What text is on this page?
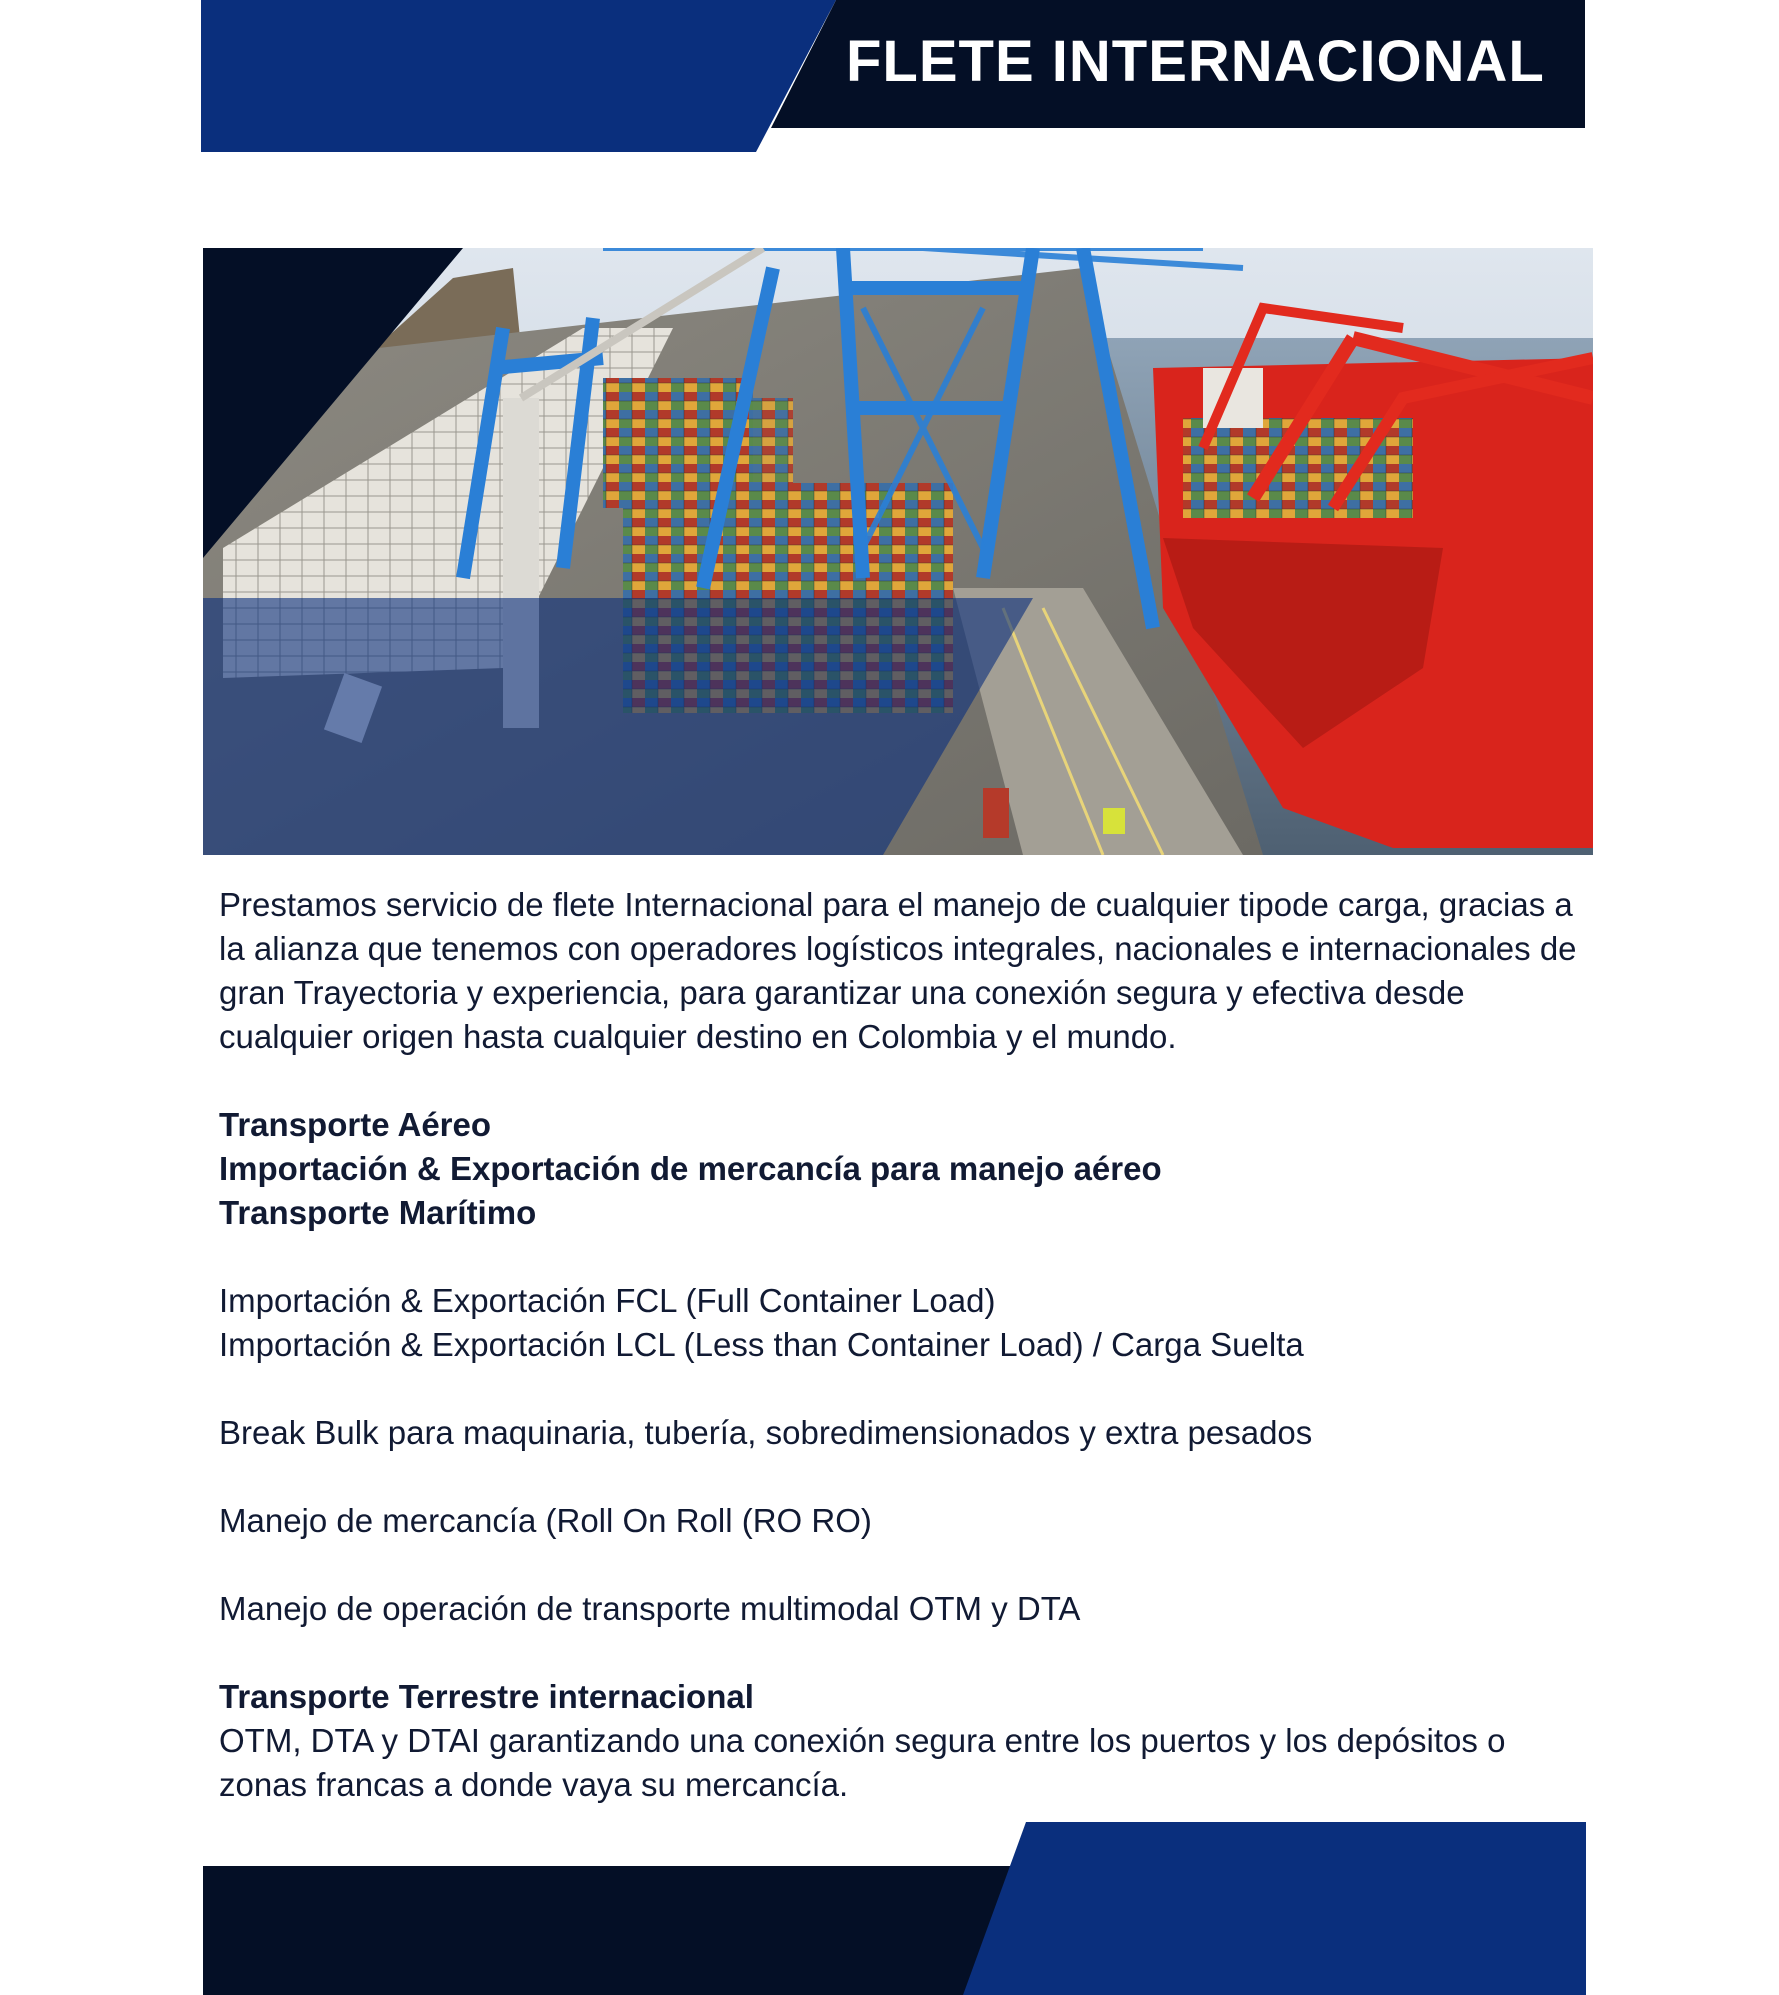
FLETE INTERNACIONAL

Prestamos servicio de flete Internacional para el manejo de cualquier tipode carga, gracias a la alianza que tenemos con operadores logísticos integrales, nacionales e internacionales de gran Trayectoria y experiencia, para garantizar una conexión segura y efectiva desde cualquier origen hasta cualquier destino en Colombia y el mundo.

Transporte Aéreo

Importación & Exportación de mercancía para manejo aéreo

Transporte Marítimo

Importación & Exportación FCL (Full Container Load)

Importación & Exportación LCL (Less than Container Load) / Carga Suelta

Break Bulk para maquinaria, tubería, sobredimensionados y extra pesados

Manejo de mercancía (Roll On Roll (RO RO)

Manejo de operación de transporte multimodal OTM y DTA

Transporte Terrestre internacional

OTM, DTA y DTAI garantizando una conexión segura entre los puertos y los depósitos o zonas francas a donde vaya su mercancía.
